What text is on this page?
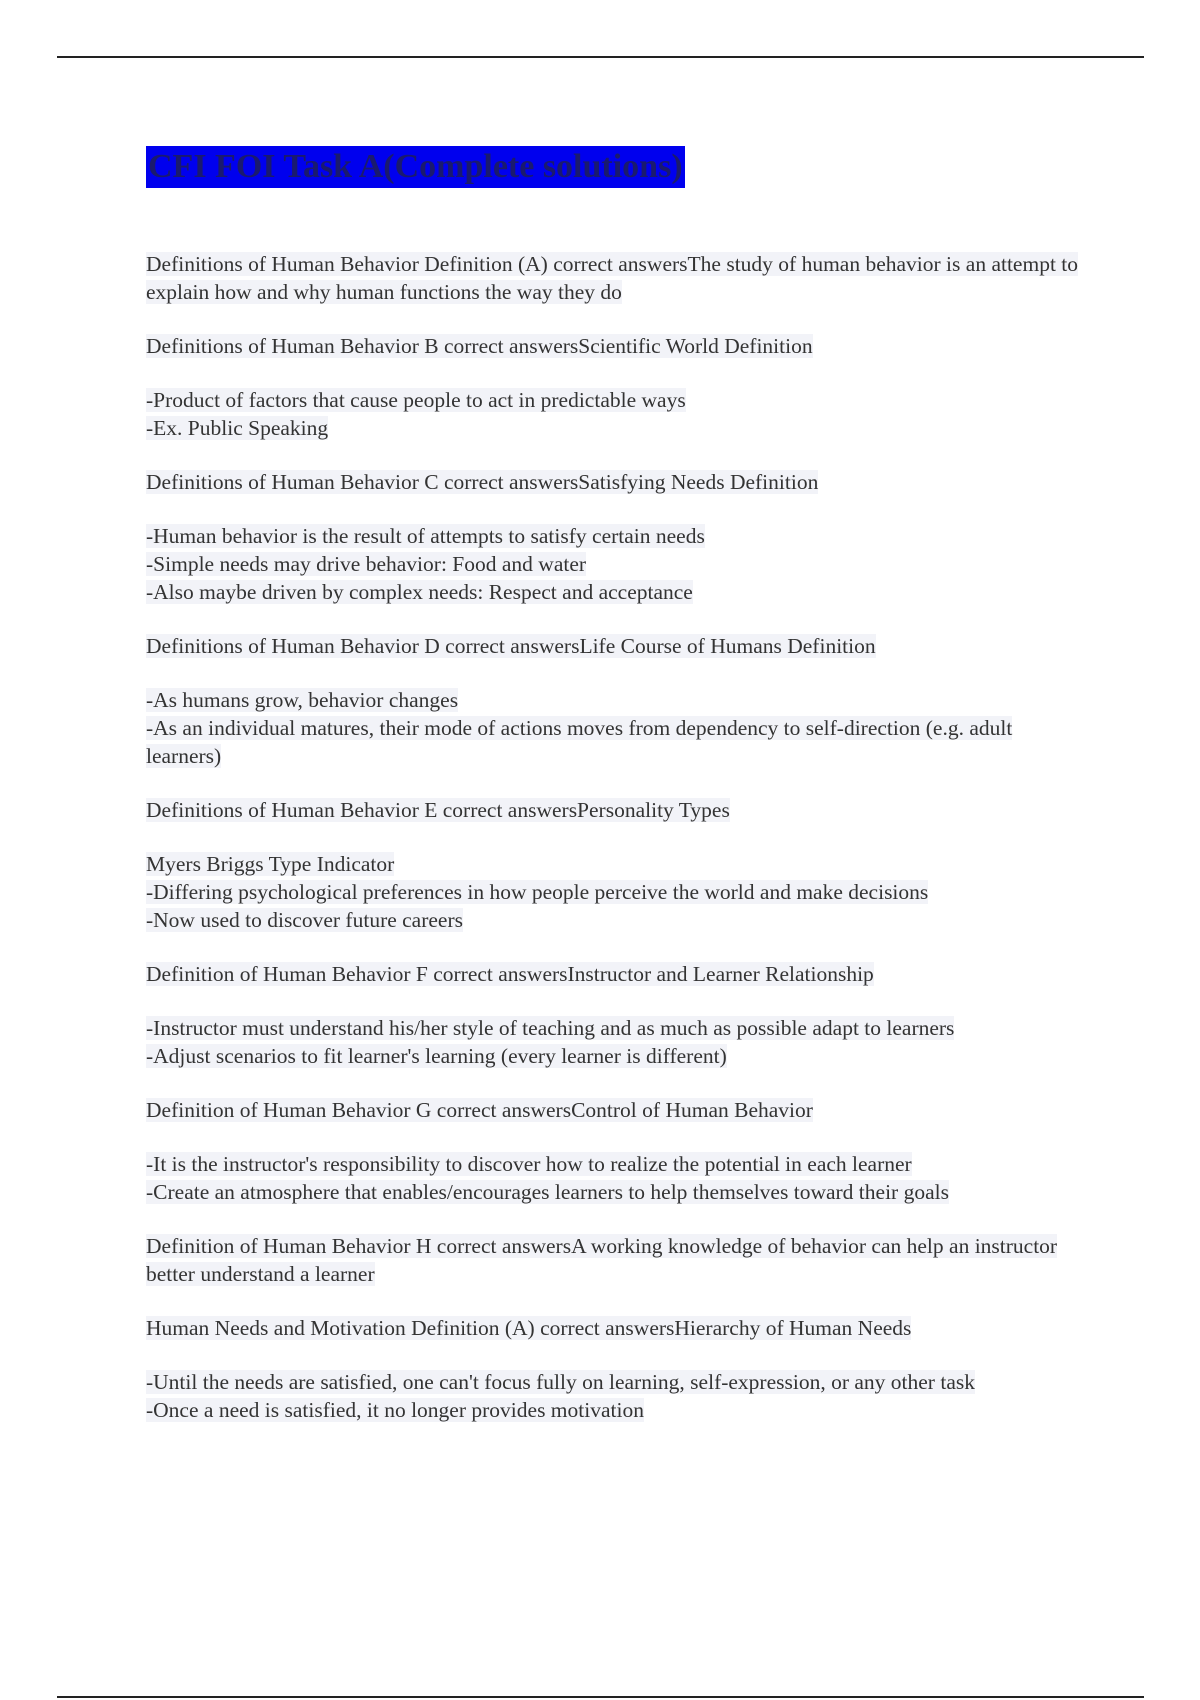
CFI FOI Task A(Complete solutions)

Definitions of Human Behavior Definition (A) correct answersThe study of human behavior is an attempt to explain how and why human functions the way they do

Definitions of Human Behavior B correct answersScientific World Definition

-Product of factors that cause people to act in predictable ways
-Ex. Public Speaking

Definitions of Human Behavior C correct answersSatisfying Needs Definition

-Human behavior is the result of attempts to satisfy certain needs
-Simple needs may drive behavior: Food and water
-Also maybe driven by complex needs: Respect and acceptance

Definitions of Human Behavior D correct answersLife Course of Humans Definition

-As humans grow, behavior changes
-As an individual matures, their mode of actions moves from dependency to self-direction (e.g. adult learners)

Definitions of Human Behavior E correct answersPersonality Types

Myers Briggs Type Indicator
-Differing psychological preferences in how people perceive the world and make decisions
-Now used to discover future careers

Definition of Human Behavior F correct answersInstructor and Learner Relationship

-Instructor must understand his/her style of teaching and as much as possible adapt to learners
-Adjust scenarios to fit learner's learning (every learner is different)

Definition of Human Behavior G correct answersControl of Human Behavior

-It is the instructor's responsibility to discover how to realize the potential in each learner
-Create an atmosphere that enables/encourages learners to help themselves toward their goals

Definition of Human Behavior H correct answersA working knowledge of behavior can help an instructor better understand a learner

Human Needs and Motivation Definition (A) correct answersHierarchy of Human Needs

-Until the needs are satisfied, one can't focus fully on learning, self-expression, or any other task
-Once a need is satisfied, it no longer provides motivation
